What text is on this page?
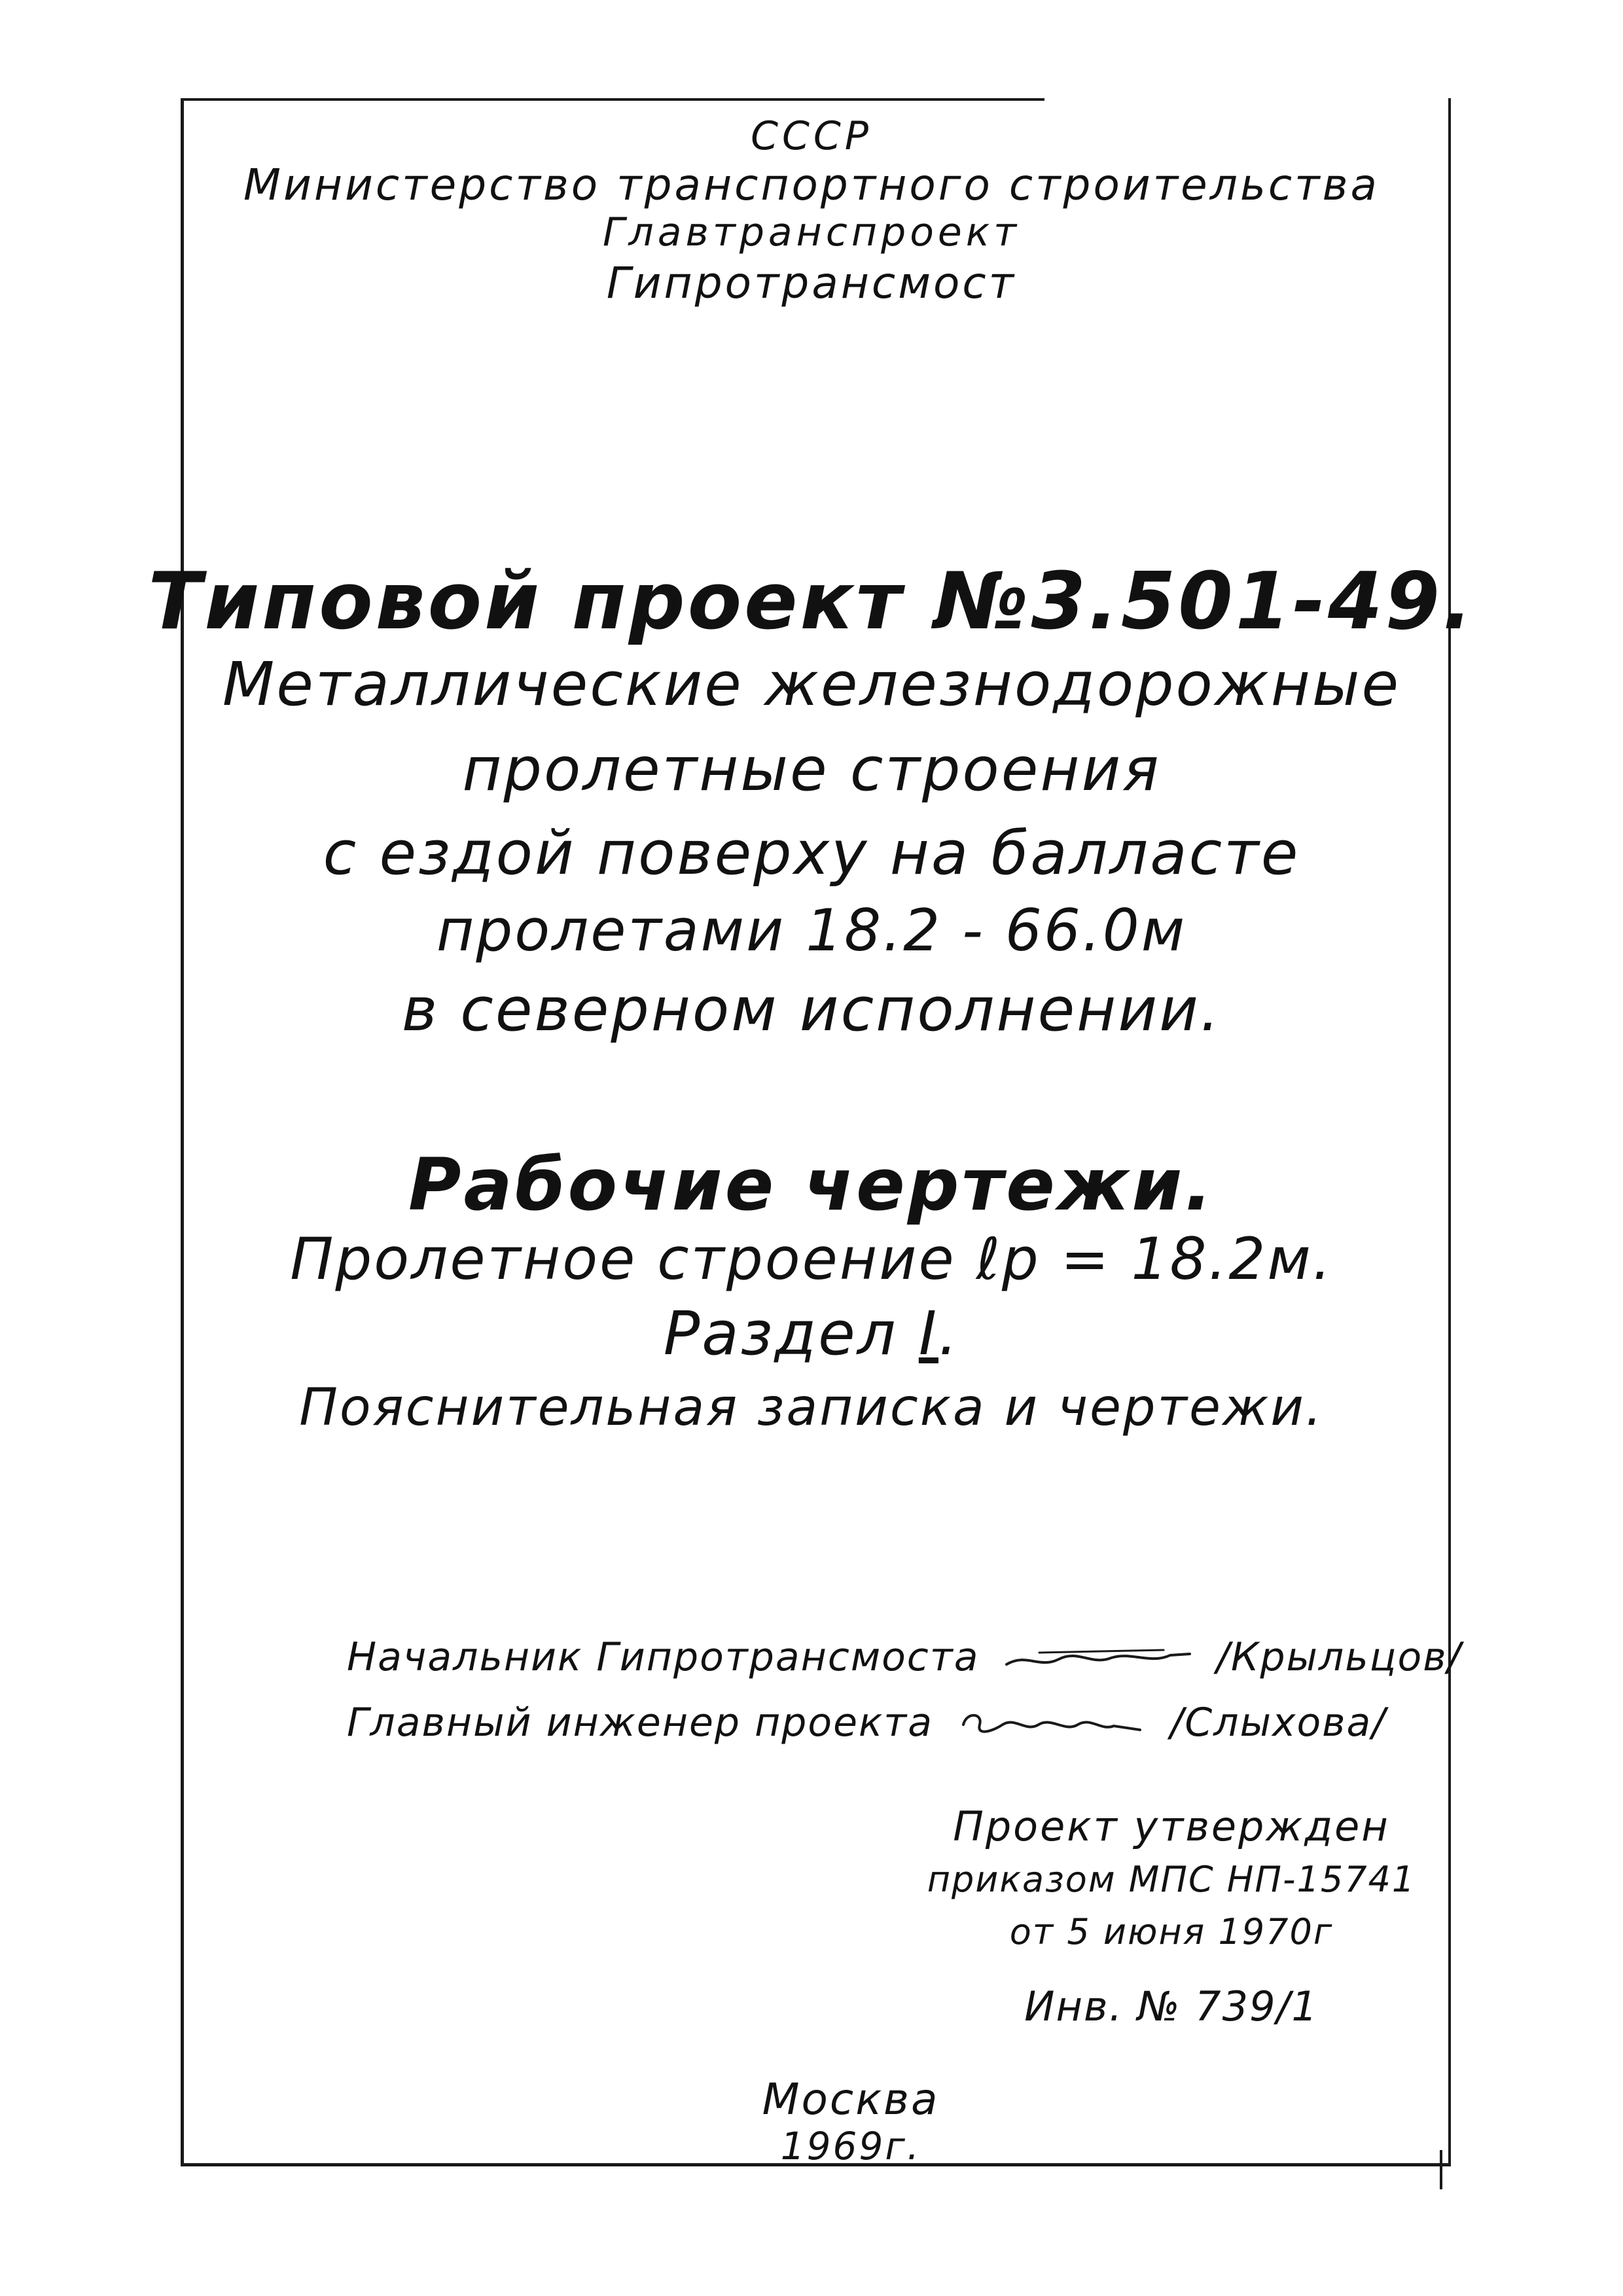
СССР
Министерство транспортного строительства
Главтранспроект
Гипротрансмост
Типовой проект №3.501-49.
Металлические железнодорожные
пролетные строения
с ездой поверху на балласте
пролетами 18.2 - 66.0м
в северном исполнении.
Рабочие чертежи.
Пролетное строение ℓр = 18.2м.
Раздел I.
Пояснительная записка и чертежи.
Начальник Гипротрансмоста	/Крыльцов/
Главный инженер проекта	/Слыхова/
Проект утвержден
приказом МПС НП-15741
от 5 июня 1970г
Инв. № 739/1
Москва
1969г.
